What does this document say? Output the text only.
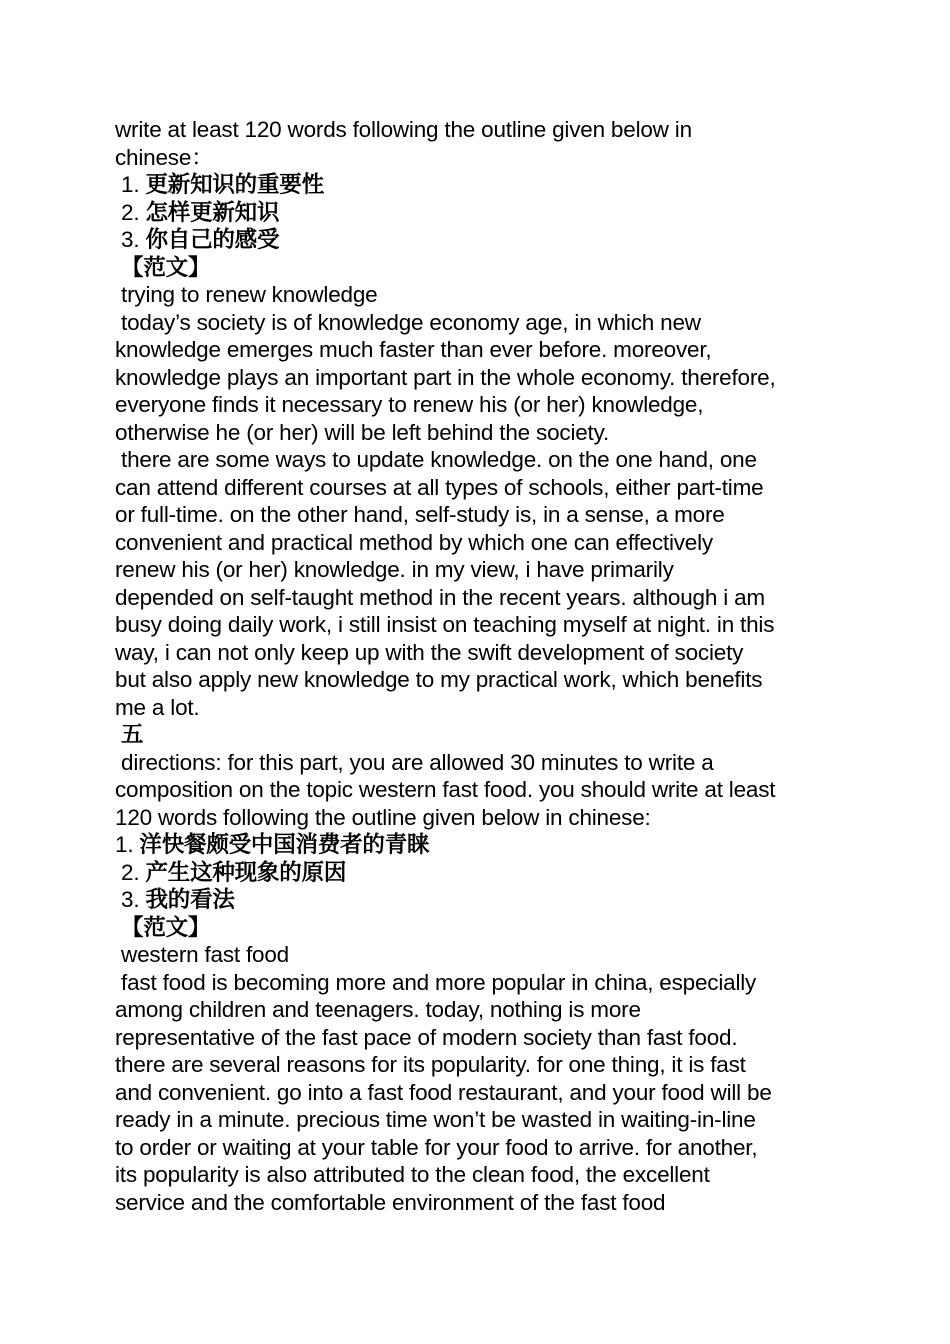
write at least 120 words following the outline given below in
chinese：
1. 更新知识的重要性
2. 怎样更新知识
3. 你自己的感受
【范文】
trying to renew knowledge
today’s society is of knowledge economy age, in which new
knowledge emerges much faster than ever before. moreover,
knowledge plays an important part in the whole economy. therefore,
everyone finds it necessary to renew his (or her) knowledge,
otherwise he (or her) will be left behind the society.
there are some ways to update knowledge. on the one hand, one
can attend different courses at all types of schools, either part-time
or full-time. on the other hand, self-study is, in a sense, a more
convenient and practical method by which one can effectively
renew his (or her) knowledge. in my view, i have primarily
depended on self-taught method in the recent years. although i am
busy doing daily work, i still insist on teaching myself at night. in this
way, i can not only keep up with the swift development of society
but also apply new knowledge to my practical work, which benefits
me a lot.
五
directions: for this part, you are allowed 30 minutes to write a
composition on the topic western fast food. you should write at least
120 words following the outline given below in chinese:
1. 洋快餐颇受中国消费者的青睐
2. 产生这种现象的原因
3. 我的看法
【范文】
western fast food
fast food is becoming more and more popular in china, especially
among children and teenagers. today, nothing is more
representative of the fast pace of modern society than fast food.
there are several reasons for its popularity. for one thing, it is fast
and convenient. go into a fast food restaurant, and your food will be
ready in a minute. precious time won’t be wasted in waiting-in-line
to order or waiting at your table for your food to arrive. for another,
its popularity is also attributed to the clean food, the excellent
service and the comfortable environment of the fast food
